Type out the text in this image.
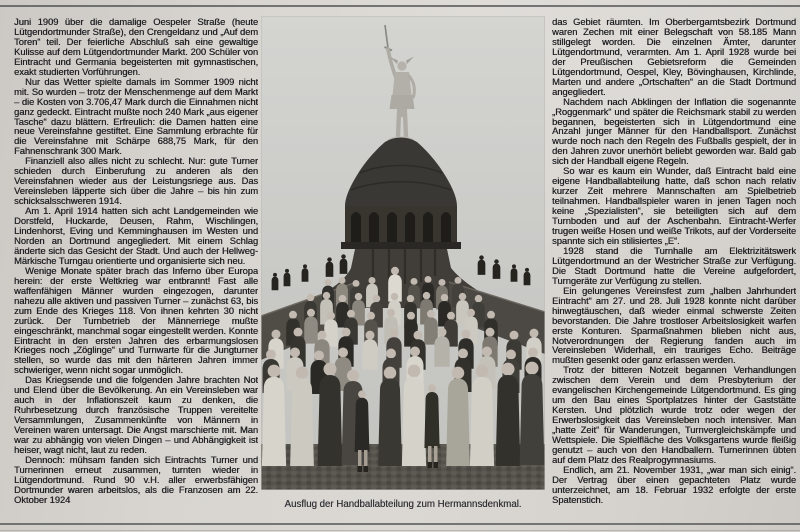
Juni 1909 über die damalige Oespeler Straße (heute Lütgendortmunder Straße), den Crengeldanz und „Auf dem Toren“ teil. Der feierliche Abschluß sah eine gewaltige Kulisse auf dem Lütgendortmunder Markt. 200 Schüler von Eintracht und Germania begeisterten mit gymnastischen, exakt studierten Vorführungen.

Nur das Wetter spielte damals im Sommer 1909 nicht mit. So wurden – trotz der Menschenmenge auf dem Markt – die Kosten von 3.706,47 Mark durch die Einnahmen nicht ganz gedeckt. Eintracht mußte noch 240 Mark „aus eigener Tasche“ dazu blättern. Erfreulich: die Damen hatten eine neue Vereinsfahne gestiftet. Eine Sammlung erbrachte für die Vereinsfahne mit Schärpe 688,75 Mark, für den Fahnenschrank 300 Mark.

Finanziell also alles nicht zu schlecht. Nur: gute Turner schieden durch Einberufung zu anderen als den Vereinsfahnen wieder aus der Leistungsriege aus. Das Vereinsleben läpperte sich über die Jahre – bis hin zum schicksalsschweren 1914.

Am 1. April 1914 hatten sich acht Landgemeinden wie Dorstfeld, Huckarde, Deusen, Rahm, Wischlingen, Lindenhorst, Eving und Kemminghausen im Westen und Norden an Dortmund angegliedert. Mit einem Schlag änderte sich das Gesicht der Stadt. Und auch der Hellweg-Märkische Turngau orientierte und organisierte sich neu.

Wenige Monate später brach das Inferno über Europa herein: der erste Weltkrieg war entbrannt! Fast alle waffenfähigen Männer wurden eingezogen, darunter nahezu alle aktiven und passiven Turner – zunächst 63, bis zum Ende des Krieges 118. Von ihnen kehrten 30 nicht zurück. Der Turnbetrieb der Männerriege mußte eingeschränkt, manchmal sogar eingestellt werden. Konnte Eintracht in den ersten Jahren des erbarmungslosen Krieges noch „Zöglinge“ und Turnwarte für die Jungturner stellen, so wurde das mit den härteren Jahren immer schwieriger, wenn nicht sogar unmöglich.

Das Kriegsende und die folgenden Jahre brachten Not und Elend über die Bevölkerung. An ein Vereinsleben war auch in der Inflationszeit kaum zu denken, die Ruhrbesetzung durch französische Truppen vereitelte Versammlungen, Zusammenkünfte von Männern in Vereinen waren untersagt. Die Angst marschierte mit. Man war zu abhängig von vielen Dingen – und Abhängigkeit ist heiser, wagt nicht, laut zu reden.

Dennoch: mühsam fanden sich Eintrachts Turner und Turnerinnen erneut zusammen, turnten wieder in Lütgendortmund. Rund 90 v.H. aller erwerbsfähigen Dortmunder waren arbeitslos, als die Franzosen am 22. Oktober 1924	Ausflug der Handballabteilung zum Hermannsdenkmal.

das Gebiet räumten. Im Oberbergamtsbezirk Dortmund waren Zechen mit einer Belegschaft von 58.185 Mann stillgelegt worden. Die einzelnen Ämter, darunter Lütgendortmund, verarmten. Am 1. April 1928 wurde bei der Preußischen Gebietsreform die Gemeinden Lütgendortmund, Oespel, Kley, Bövinghausen, Kirchlinde, Marten und andere „Ortschaften“ an die Stadt Dortmund angegliedert.

Nachdem nach Abklingen der Inflation die sogenannte „Roggenmark“ und später die Reichsmark stabil zu werden begannen, begeisterten sich in Lütgendortmund eine Anzahl junger Männer für den Handballsport. Zunächst wurde noch nach den Regeln des Fußballs gespielt, der in den Jahren zuvor unerhört beliebt geworden war. Bald gab sich der Handball eigene Regeln.

So war es kaum ein Wunder, daß Eintracht bald eine eigene Handballabteilung hatte, daß schon nach relativ kurzer Zeit mehrere Mannschaften am Spielbetrieb teilnahmen. Handballspieler waren in jenen Tagen noch keine „Spezialisten“, sie beteiligten sich auf dem Turnboden und auf der Aschenbahn. Eintracht-Werfer trugen weiße Hosen und weiße Trikots, auf der Vorderseite spannte sich ein stilisiertes „E“.

1928 stand die Turnhalle am Elektrizitätswerk Lütgendortmund an der Westricher Straße zur Verfügung. Die Stadt Dortmund hatte die Vereine aufgefordert, Turngeräte zur Verfügung zu stellen.

Ein gelungenes Vereinsfest zum „halben Jahrhundert Eintracht“ am 27. und 28. Juli 1928 konnte nicht darüber hinwegtäuschen, daß wieder einmal schwerste Zeiten bevorstanden. Die Jahre trostloser Arbeitslosigkeit warfen erste Konturen. Sparmaßnahmen blieben nicht aus, Notverordnungen der Regierung fanden auch im Vereinsleben Widerhall, ein trauriges Echo. Beiträge mußten gesenkt oder ganz erlassen werden.

Trotz der bitteren Notzeit begannen Verhandlungen zwischen dem Verein und dem Presbyterium der evangelischen Kirchengemeinde Lütgendortmund. Es ging um den Bau eines Sportplatzes hinter der Gaststätte Kersten. Und plötzlich wurde trotz oder wegen der Erwerbslosigkeit das Vereinsleben noch intensiver. Man „hatte Zeit“ für Wanderungen, Turnvergleichskämpfe und Wettspiele. Die Spielfläche des Volksgartens wurde fleißig genutzt – auch von den Handballern. Turnerinnen übten auf dem Platz des Realprogymnasiums.

Endlich, am 21. November 1931, „war man sich einig“. Der Vertrag über einen gepachteten Platz wurde unterzeichnet, am 18. Februar 1932 erfolgte der erste Spatenstich.
